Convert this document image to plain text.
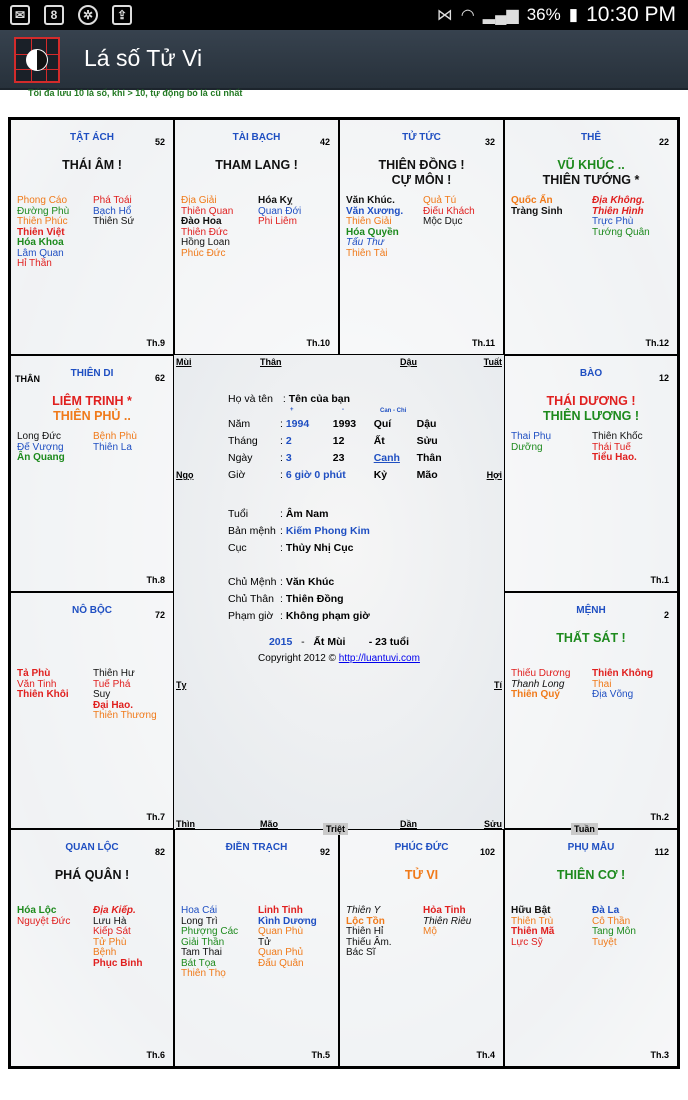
✉	8	✲	⇪	⋈ ◠ ▂▄▆ 36% ▮ 10:30 PM
Lá số Tử Vi
Tối đa lưu 10 lá số, khi > 10, tự động bỏ lá cũ nhất
TẬT ÁCH	52
THÁI ÂM !
Phong Cáo
Đường Phù
Thiên Phúc
Thiên Việt
Hóa Khoa
Lâm Quan
Hỉ Thần
Phá Toái
Bạch Hổ
Thiên Sứ
Th.9
TÀI BẠCH	42
THAM LANG !
Địa Giải
Thiên Quan
Đào Hoa
Thiên Đức
Hồng Loan
Phúc Đức
Hóa Kỵ
Quan Đới
Phi Liêm
Th.10
TỬ TỨC	32
THIÊN ĐỒNG !
CỰ MÔN !
Văn Khúc.
Văn Xương.
Thiên Giải
Hóa Quyền
Tấu Thư
Thiên Tài
Quả Tú
Điếu Khách
Mộc Dục
Th.11
THÊ	22
VŨ KHÚC ..
THIÊN TƯỚNG *
Quốc Ấn
Tràng Sinh
Địa Không.
Thiên Hình
Trực Phù
Tướng Quân
Th.12
THÂN	THIÊN DI	62
LIÊM TRINH *
THIÊN PHỦ ..
Long Đức
Đế Vượng
Ân Quang
Bệnh Phù
Thiên La
Th.8
BÀO	12
THÁI DƯƠNG !
THIÊN LƯƠNG !
Thai Phụ
Dưỡng
Thiên Khốc
Thái Tuế
Tiểu Hao.
Th.1
NÔ BỘC	72
Tả Phù
Văn Tinh
Thiên Khôi
Thiên Hư
Tuế Phá
Suy
Đại Hao.
Thiên Thương
Th.7
MỆNH	2
THẤT SÁT !
Thiếu Dương
Thanh Long
Thiên Quý
Thiên Không
Thai
Địa Võng
Th.2
QUAN LỘC	82
PHÁ QUÂN !
Hóa Lộc
Nguyệt Đức
Địa Kiếp.
Lưu Hà
Kiếp Sát
Tử Phù
Bệnh
Phục Binh
Th.6
ĐIỀN TRẠCH	92
Hoa Cái
Long Trì
Phượng Các
Giải Thần
Tam Thai
Bát Tọa
Thiên Thọ
Linh Tinh
Kình Dương
Quan Phù
Tử
Quan Phủ
Đấu Quân
Th.5
PHÚC ĐỨC	102
TỬ VI
Thiên Y
Lộc Tồn
Thiên Hỉ
Thiếu Âm.
Bác Sĩ
Hỏa Tinh
Thiên Riêu
Mộ
Th.4
PHỤ MẪU	112
THIÊN CƠ !
Hữu Bật
Thiên Trù
Thiên Mã
Lực Sỹ
Đà La
Cô Thần
Tang Môn
Tuyệt
Th.3
Mùi	Thân	Dậu	Tuất
Ngọ	Hợi
Tỵ	Tí
Thìn	Mão	Dần	Sửu
Họ và tên : Tên của bạn
+	-	Can - Chi
Năm	: 1994 1993 Quí Dậu
Tháng : 2	12	Ất	Sửu
Ngày	: 3	23	Canh Thân
Giờ	: 6 giờ 0 phút	Kỷ	Mão
Tuổi	: Âm Nam
Bản mệnh : Kiếm Phong Kim
Cục	: Thủy Nhị Cục
Chủ Mệnh : Văn Khúc
Chủ Thân : Thiên Đồng
Phạm giờ : Không phạm giờ
2015 - Ất Mùi - 23 tuổi
Copyright 2012 © http://luantuvi.com
Triệt	Tuần
